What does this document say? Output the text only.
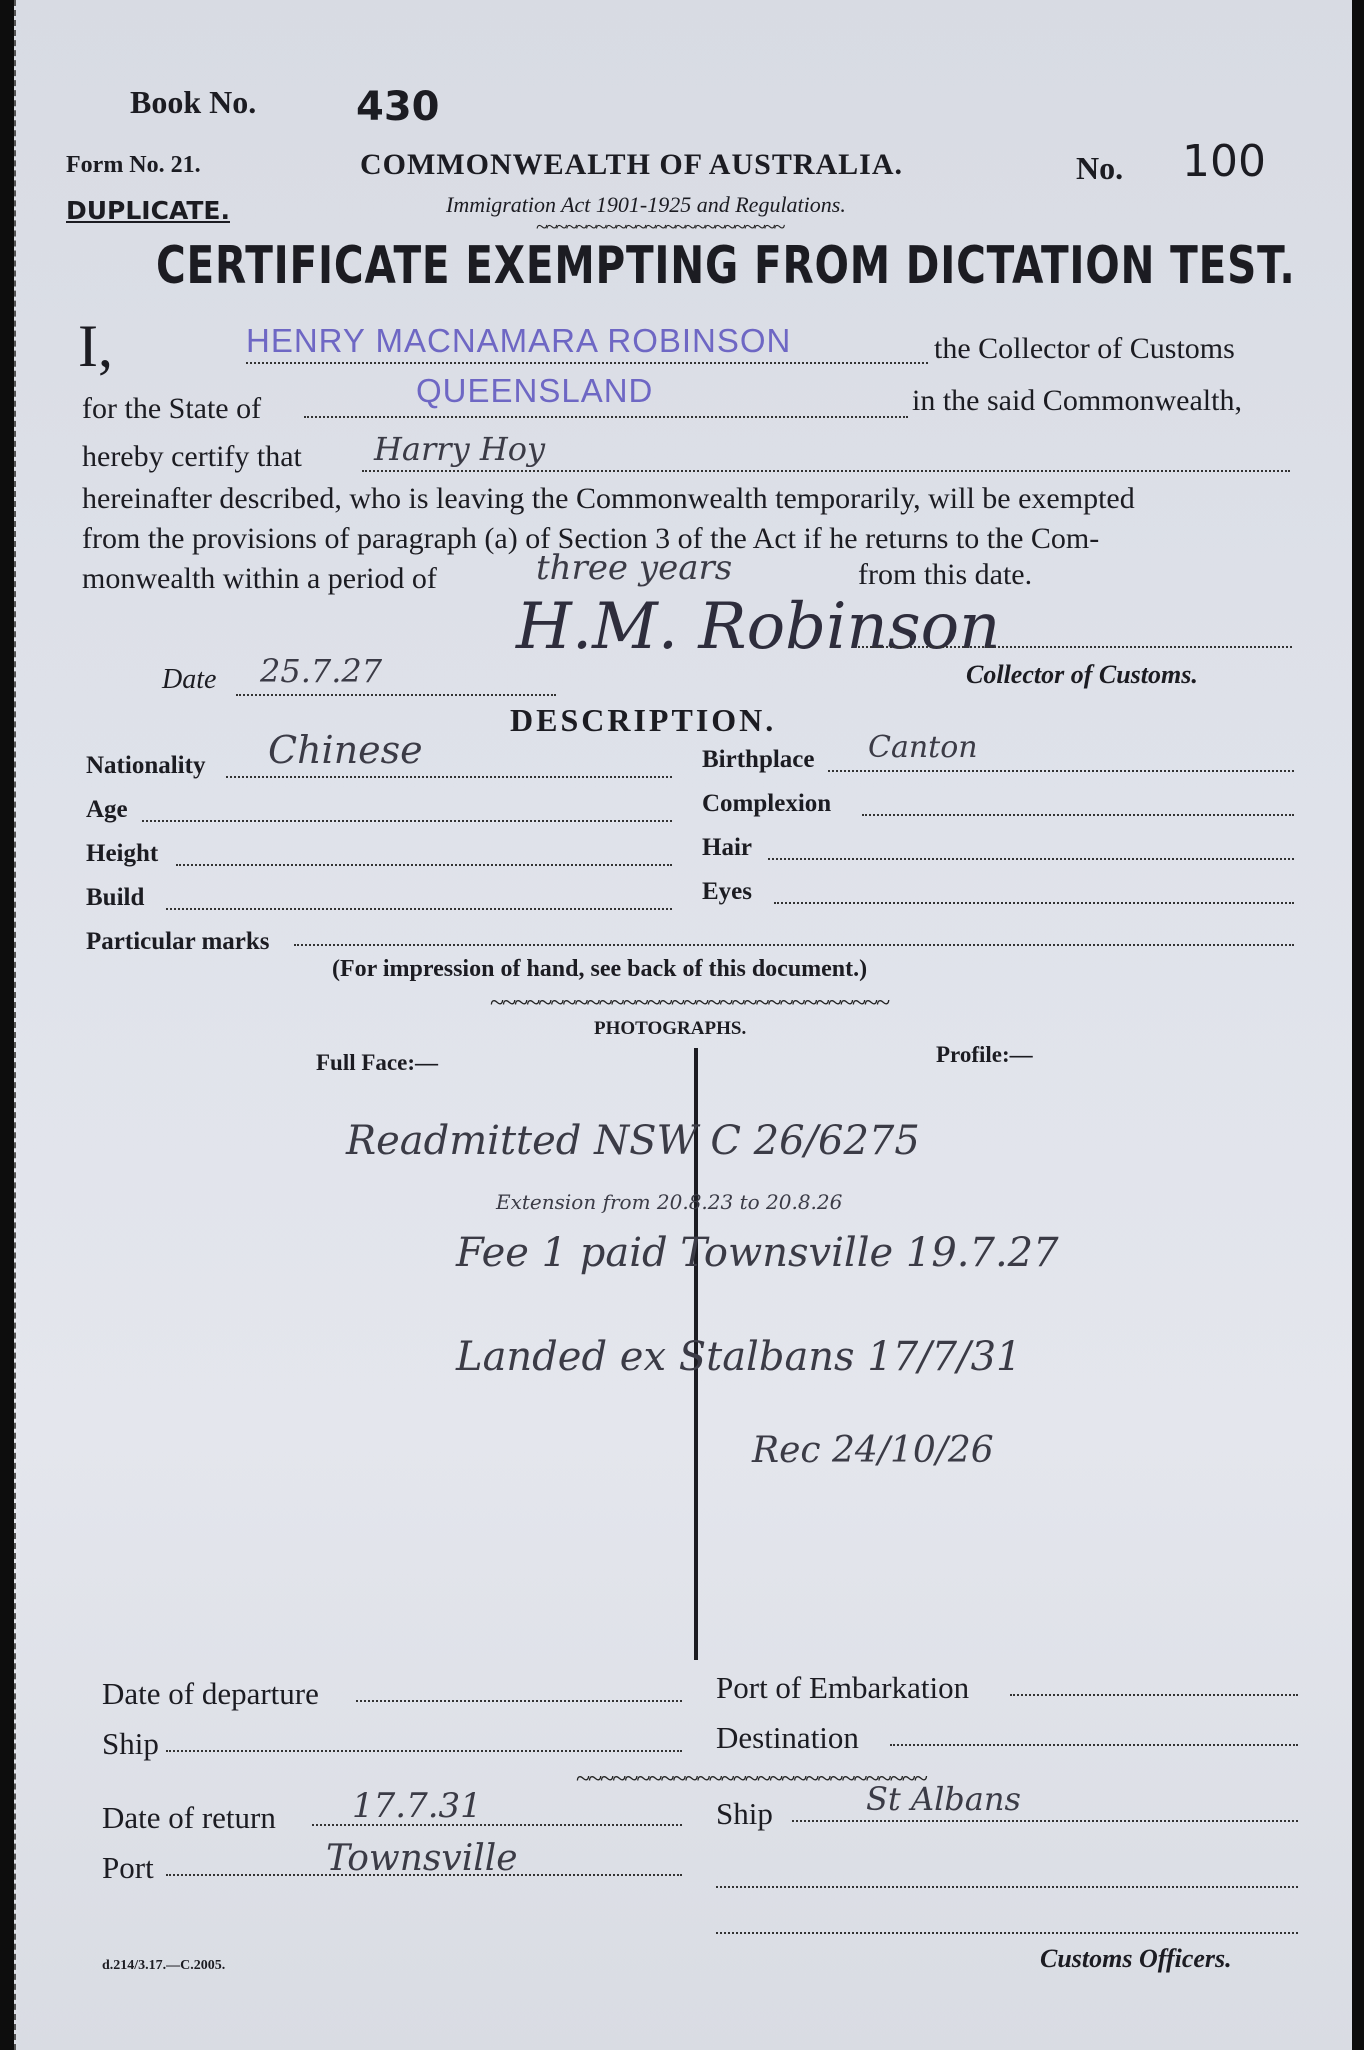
Book No. 430
Form No. 21.
DUPLICATE.
COMMONWEALTH OF AUSTRALIA.
Immigration Act 1901-1925 and Regulations.
~~~~~~~~~~~~~~~~~~~~~~~~~
No. 100
CERTIFICATE EXEMPTING FROM DICTATION TEST.
I,	HENRY MACNAMARA ROBINSON	the Collector of Customs
for the State of	QUEENSLAND	in the said Commonwealth,
hereby certify that Harry Hoy
hereinafter described, who is leaving the Commonwealth temporarily, will be exempted
from the provisions of paragraph (a) of Section 3 of the Act if he returns to the Com-
monwealth within a period of	three years	from this date.
H.M. Robinson
Date 25.7.27	Collector of Customs.
DESCRIPTION.
Nationality Chinese	Birthplace Canton
Age	Complexion
Height	Hair
Build	Eyes
Particular marks
(For impression of hand, see back of this document.)
~~~~~~~~~~~~~~~~~~~~~~~~~~~~~~~~~
PHOTOGRAPHS.
Full Face:—	Profile:—
Readmitted NSW C 26/6275
Extension from 20.8.23 to 20.8.26
Fee 1 paid Townsville 19.7.27
Landed ex Stalbans 17/7/31
Rec 24/10/26
Date of departure	Port of Embarkation
Ship	Destination
~~~~~~~~~~~~~~~~~~~~~~~~~~~~~
Date of return 17.7.31	Ship	St Albans
Port	Townsville
d.214/3.17.—C.2005.	Customs Officers.
